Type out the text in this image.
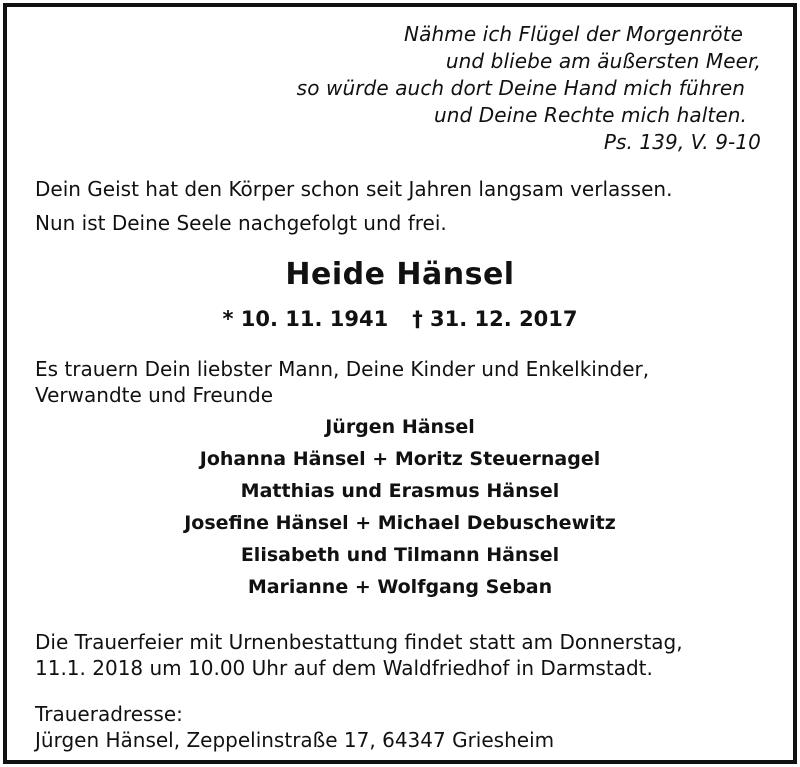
Nähme ich Flügel der Morgenröte
und bliebe am äußersten Meer,
so würde auch dort Deine Hand mich führen
und Deine Rechte mich halten.
Ps. 139, V. 9-10
Dein Geist hat den Körper schon seit Jahren langsam verlassen.
Nun ist Deine Seele nachgefolgt und frei.
Heide Hänsel
* 10. 11. 1941 † 31. 12. 2017
Es trauern Dein liebster Mann, Deine Kinder und Enkelkinder,
Verwandte und Freunde
Jürgen Hänsel
Johanna Hänsel + Moritz Steuernagel
Matthias und Erasmus Hänsel
Josefine Hänsel + Michael Debuschewitz
Elisabeth und Tilmann Hänsel
Marianne + Wolfgang Seban
Die Trauerfeier mit Urnenbestattung findet statt am Donnerstag,
11.1. 2018 um 10.00 Uhr auf dem Waldfriedhof in Darmstadt.
Traueradresse:
Jürgen Hänsel, Zeppelinstraße 17, 64347 Griesheim
